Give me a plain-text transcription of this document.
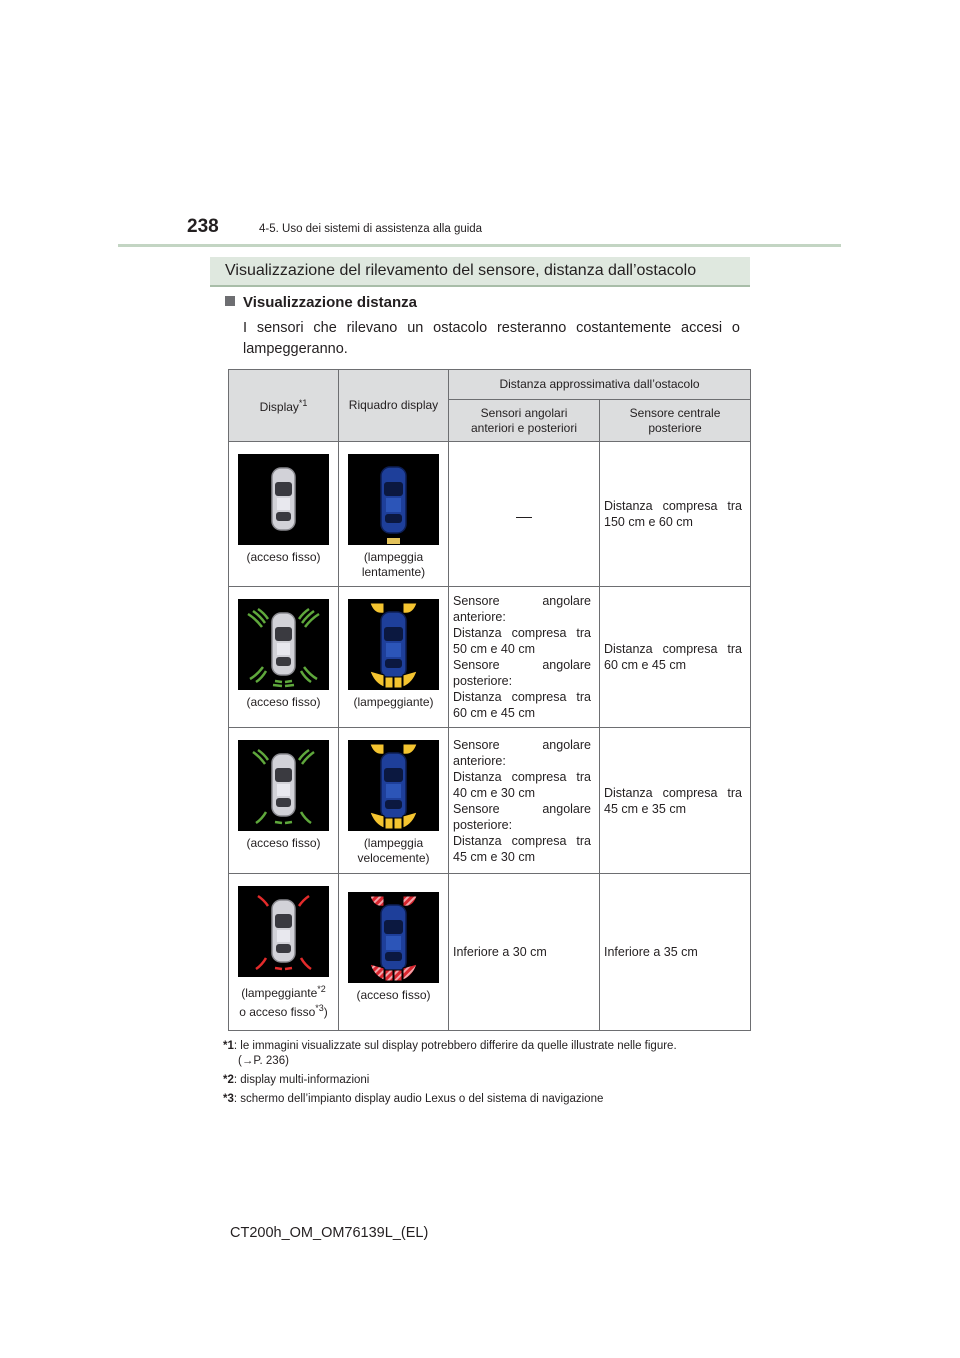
238	4-5. Uso dei sistemi di assistenza alla guida
Visualizzazione del rilevamento del sensore, distanza dall’ostacolo
Visualizzazione distanza
I sensori che rilevano un ostacolo resteranno costantemente accesi o lampeggeranno.
Display$^{*1}$	Riquadro display	Distanza approssimativa dall’ostacolo	
		Sensori angolari anteriori e posteriori	Sensore centrale posteriore

(acceso fisso)	(lampeggia lentamente)		Distanza compresa tra 150 cm e 60 cm

(acceso fisso)	(lampeggiante)	Sensore angolare anteriore:
Distanza compresa tra 50 cm e 40 cm
Sensore angolare posteriore:
Distanza compresa tra 60 cm e 45 cm	Distanza compresa tra 60 cm e 45 cm

(acceso fisso)	(lampeggia velocemente)	Sensore angolare anteriore:
Distanza compresa tra 40 cm e 30 cm
Sensore angolare posteriore:
Distanza compresa tra 45 cm e 30 cm	Distanza compresa tra 45 cm e 35 cm

(lampeggiante$^{*2}$
o acceso fisso$^{*3}$)	(acceso fisso)	Inferiore a 30 cm	Inferiore a 35 cm
*1: le immagini visualizzate sul display potrebbero differire da quelle illustrate nelle figure.
(→P. 236)
*2: display multi-informazioni
*3: schermo dell’impianto display audio Lexus o del sistema di navigazione
CT200h_OM_OM76139L_(EL)
